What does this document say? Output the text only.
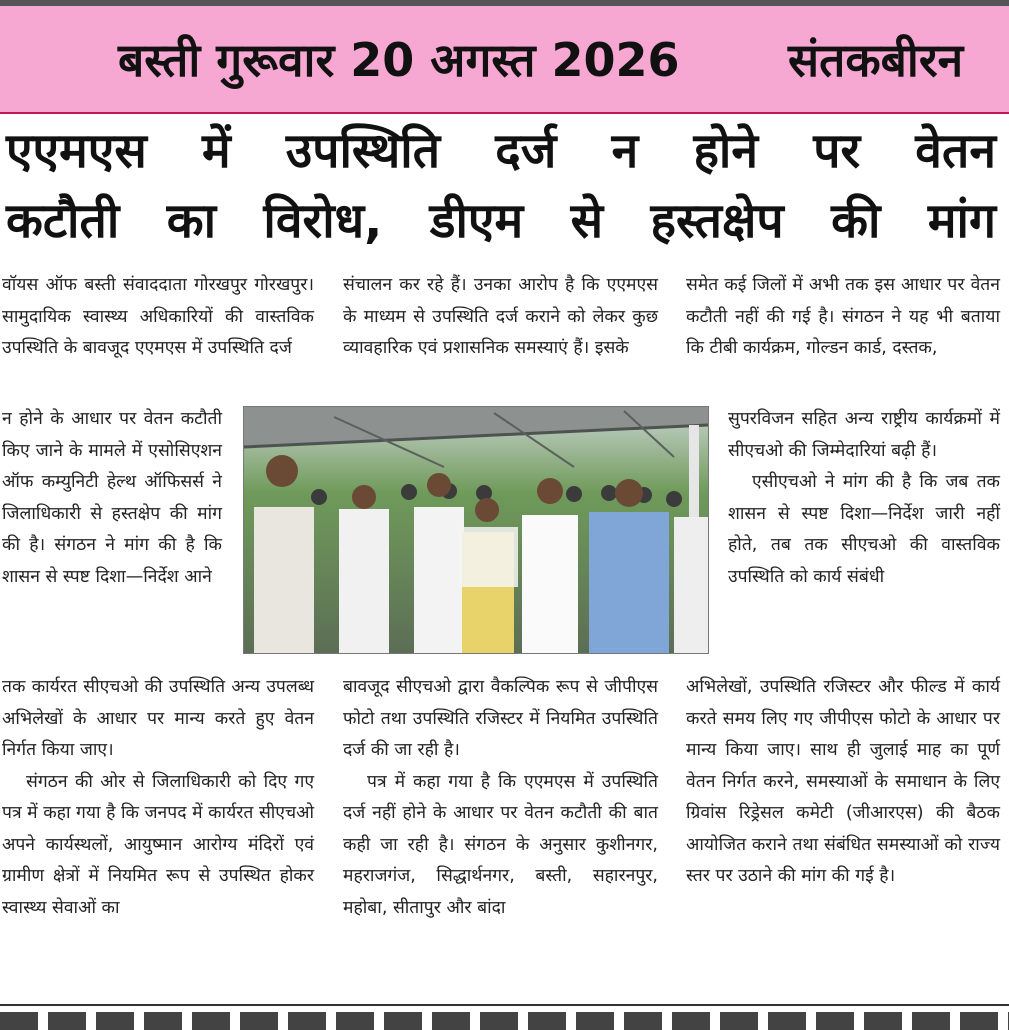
बस्ती गुरूवार 20 अगस्त 2026 संतकबीरन
एएमएस में उपस्थिति दर्ज न होने पर वेतन
कटौती का विरोध, डीएम से हस्तक्षेप की मांग

वॉयस ऑफ बस्ती संवाददाता गोरखपुर गोरखपुर। सामुदायिक स्वास्थ्य अधिकारियों की वास्तविक उपस्थिति के बावजूद एएमएस में उपस्थिति दर्ज

न होने के आधार पर वेतन कटौती किए जाने के मामले में एसोसिएशन ऑफ कम्युनिटी हेल्थ ऑफिसर्स ने जिलाधिकारी से हस्तक्षेप की मांग की है। संगठन ने मांग की है कि शासन से स्पष्ट दिशा—निर्देश आने

तक कार्यरत सीएचओ की उपस्थिति अन्य उपलब्ध अभिलेखों के आधार पर मान्य करते हुए वेतन निर्गत किया जाए।

संगठन की ओर से जिलाधिकारी को दिए गए पत्र में कहा गया है कि जनपद में कार्यरत सीएचओ अपने कार्यस्थलों, आयुष्मान आरोग्य मंदिरों एवं ग्रामीण क्षेत्रों में नियमित रूप से उपस्थित होकर स्वास्थ्य सेवाओं का

संचालन कर रहे हैं। उनका आरोप है कि एएमएस के माध्यम से उपस्थिति दर्ज कराने को लेकर कुछ व्यावहारिक एवं प्रशासनिक समस्याएं हैं। इसके

बावजूद सीएचओ द्वारा वैकल्पिक रूप से जीपीएस फोटो तथा उपस्थिति रजिस्टर में नियमित उपस्थिति दर्ज की जा रही है।

पत्र में कहा गया है कि एएमएस में उपस्थिति दर्ज नहीं होने के आधार पर वेतन कटौती की बात कही जा रही है। संगठन के अनुसार कुशीनगर, महराजगंज, सिद्धार्थनगर, बस्ती, सहारनपुर, महोबा, सीतापुर और बांदा

समेत कई जिलों में अभी तक इस आधार पर वेतन कटौती नहीं की गई है। संगठन ने यह भी बताया कि टीबी कार्यक्रम, गोल्डन कार्ड, दस्तक,

सुपरविजन सहित अन्य राष्ट्रीय कार्यक्रमों में सीएचओ की जिम्मेदारियां बढ़ी हैं।

एसीएचओ ने मांग की है कि जब तक शासन से स्पष्ट दिशा—निर्देश जारी नहीं होते, तब तक सीएचओ की वास्तविक उपस्थिति को कार्य संबंधी

अभिलेखों, उपस्थिति रजिस्टर और फील्ड में कार्य करते समय लिए गए जीपीएस फोटो के आधार पर मान्य किया जाए। साथ ही जुलाई माह का पूर्ण वेतन निर्गत करने, समस्याओं के समाधान के लिए ग्रिवांस रिड्रेसल कमेटी (जीआरएस) की बैठक आयोजित कराने तथा संबंधित समस्याओं को राज्य स्तर पर उठाने की मांग की गई है।
